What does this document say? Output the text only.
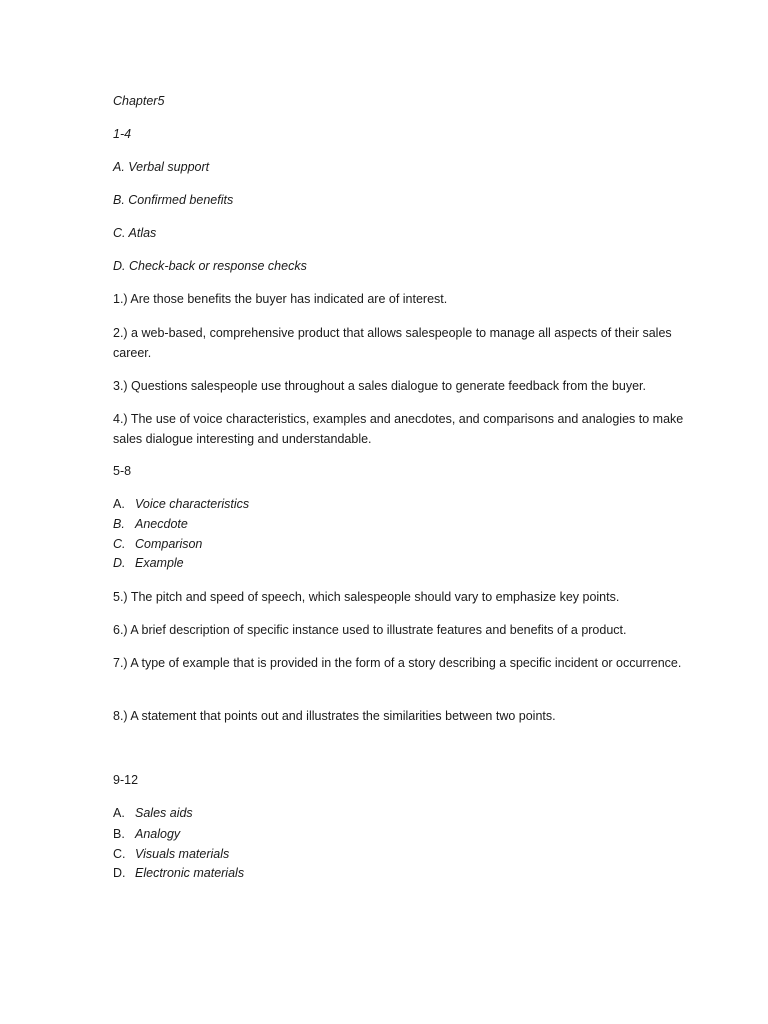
Chapter5
1-4
A. Verbal support
B. Confirmed benefits
C. Atlas
D. Check-back or response checks
1.) Are those benefits the buyer has indicated are of interest.
2.) a web-based, comprehensive product that allows salespeople to manage all aspects of their sales career.
3.) Questions salespeople use throughout a sales dialogue to generate feedback from the buyer.
4.) The use of voice characteristics, examples and anecdotes, and comparisons and analogies to make sales dialogue interesting and understandable.
5-8
A. Voice characteristics
B. Anecdote
C. Comparison
D. Example
5.) The pitch and speed of speech, which salespeople should vary to emphasize key points.
6.) A brief description of specific instance used to illustrate features and benefits of a product.
7.) A type of example that is provided in the form of a story describing a specific incident or occurrence.
8.) A statement that points out and illustrates the similarities between two points.
9-12
A. Sales aids
B. Analogy
C. Visuals materials
D. Electronic materials
